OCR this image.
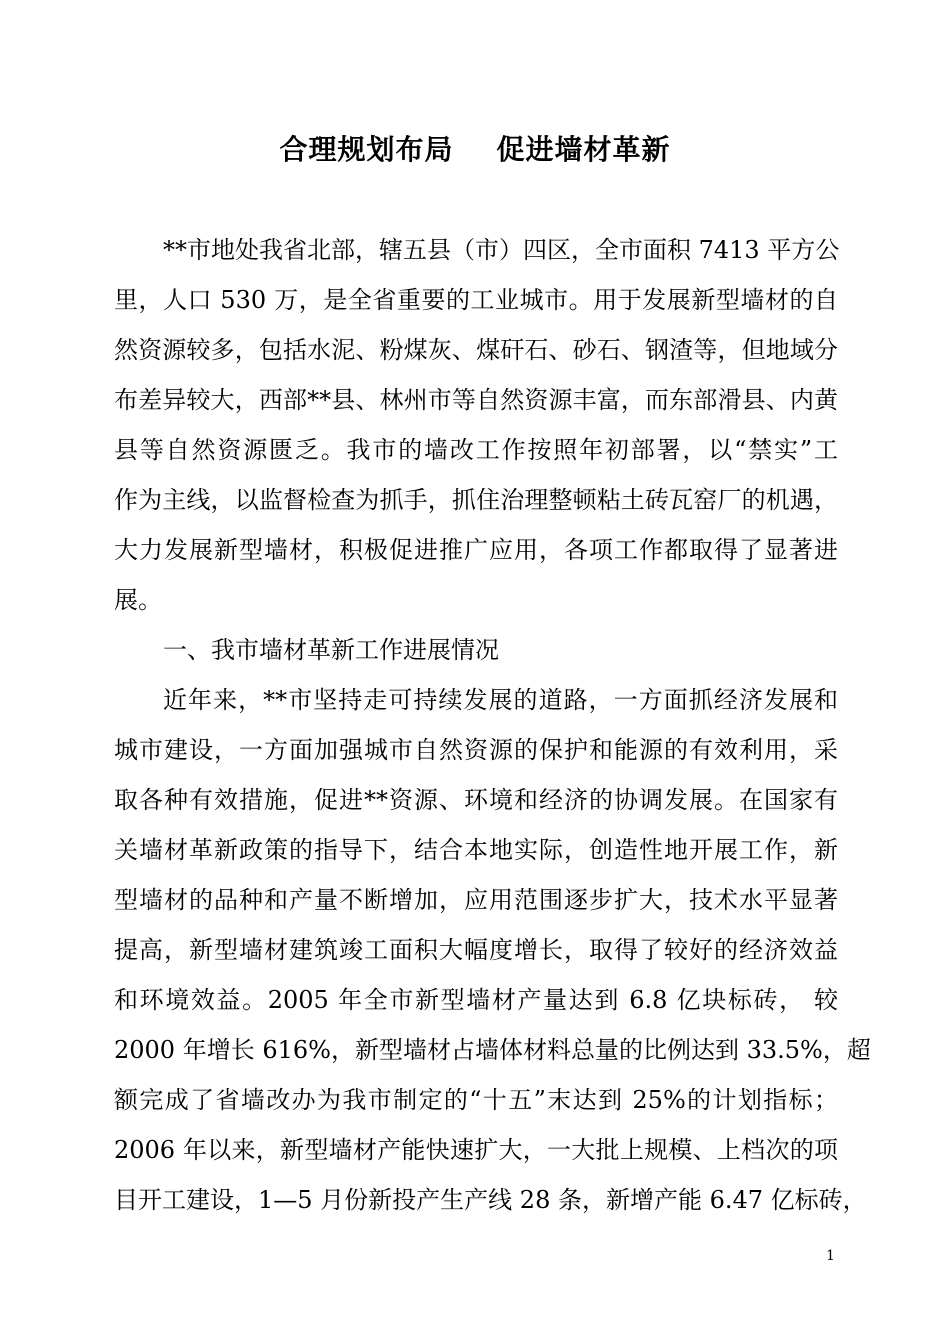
合理规划布局    促进墙材革新
**市地处我省北部，辖五县（市）四区，全市面积 7413 平方公
里，人口 530 万，是全省重要的工业城市。用于发展新型墙材的自
然资源较多，包括水泥、粉煤灰、煤矸石、砂石、钢渣等，但地域分
布差异较大，西部**县、林州市等自然资源丰富，而东部滑县、内黄
县等自然资源匮乏。我市的墙改工作按照年初部署，以“禁实”工
作为主线，以监督检查为抓手，抓住治理整顿粘土砖瓦窑厂的机遇，
大力发展新型墙材，积极促进推广应用，各项工作都取得了显著进
展。
一、我市墙材革新工作进展情况
近年来，**市坚持走可持续发展的道路，一方面抓经济发展和
城市建设，一方面加强城市自然资源的保护和能源的有效利用，采
取各种有效措施，促进**资源、环境和经济的协调发展。在国家有
关墙材革新政策的指导下，结合本地实际，创造性地开展工作，新
型墙材的品种和产量不断增加，应用范围逐步扩大，技术水平显著
提高，新型墙材建筑竣工面积大幅度增长，取得了较好的经济效益
和环境效益。2005 年全市新型墙材产量达到 6.8 亿块标砖， 较
2000 年增长 616%，新型墙材占墙体材料总量的比例达到 33.5%，超
额完成了省墙改办为我市制定的“十五”末达到 25%的计划指标；
2006 年以来，新型墙材产能快速扩大，一大批上规模、上档次的项
目开工建设，1—5 月份新投产生产线 28 条，新增产能 6.47 亿标砖，
1
